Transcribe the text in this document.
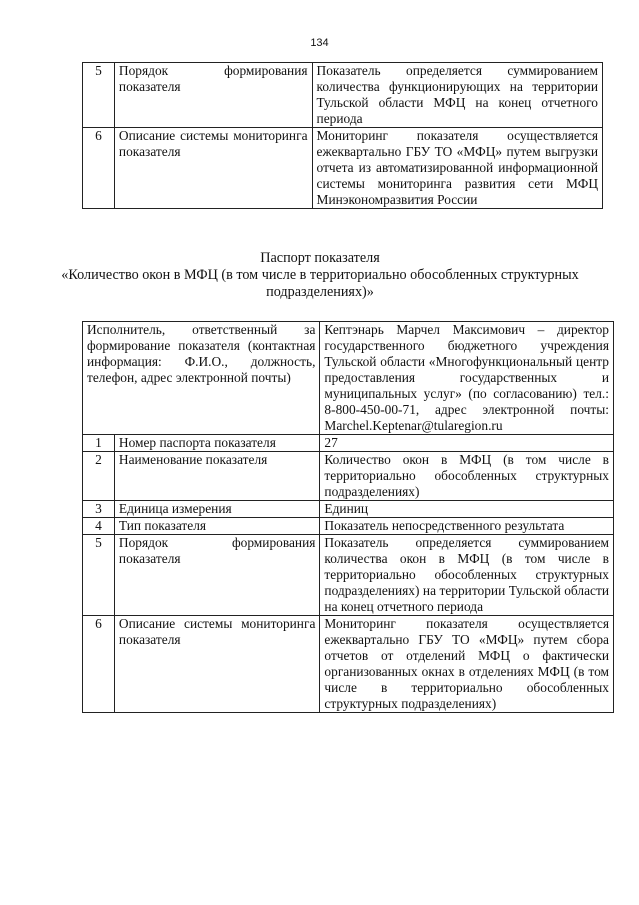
134
5	Порядок формирования показателя	Показатель определяется суммированием количества функционирующих на территории Тульской области МФЦ на конец отчетного периода
6	Описание системы мониторинга показателя	Мониторинг показателя осуществляется ежеквартально ГБУ ТО «МФЦ» путем выгрузки отчета из автоматизированной информационной системы мониторинга развития сети МФЦ Минэкономразвития России
Паспорт показателя
«Количество окон в МФЦ (в том числе в территориально обособленных структурных подразделениях)»
Исполнитель, ответственный за формирование показателя (контактная информация: Ф.И.О., должность, телефон, адрес электронной почты)		Кептэнарь Марчел Максимович – директор государственного бюджетного учреждения Тульской области «Многофункциональный центр предоставления государственных и муниципальных услуг» (по согласованию) тел.: 8-800-450-00-71, адрес электронной почты: Marchel.Keptenar@tularegion.ru
1	Номер паспорта показателя	27
2	Наименование показателя	Количество окон в МФЦ (в том числе в территориально обособленных структурных подразделениях)
3	Единица измерения	Единиц
4	Тип показателя	Показатель непосредственного результата
5	Порядок формирования показателя	Показатель определяется суммированием количества окон в МФЦ (в том числе в территориально обособленных структурных подразделениях) на территории Тульской области на конец отчетного периода
6	Описание системы мониторинга показателя	Мониторинг показателя осуществляется ежеквартально ГБУ ТО «МФЦ» путем сбора отчетов от отделений МФЦ о фактически организованных окнах в отделениях МФЦ (в том числе в территориально обособленных структурных подразделениях)
